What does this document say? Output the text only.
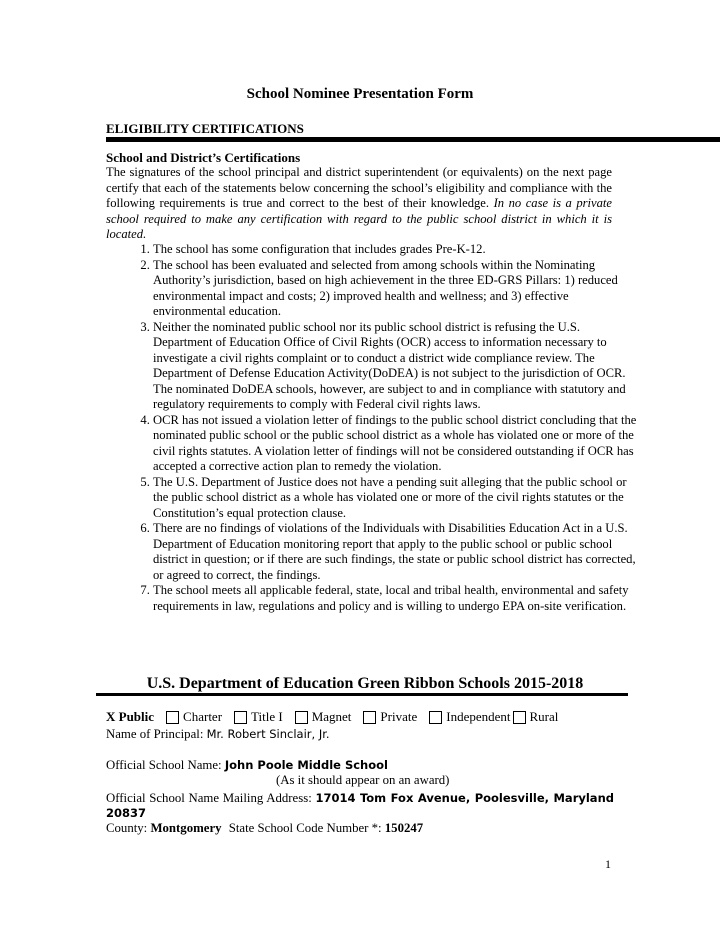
School Nominee Presentation Form
ELIGIBILITY CERTIFICATIONS
School and District’s Certifications
The signatures of the school principal and district superintendent (or equivalents) on the next page certify that each of the statements below concerning the school’s eligibility and compliance with the following requirements is true and correct to the best of their knowledge. In no case is a private school required to make any certification with regard to the public school district in which it is located.
1. The school has some configuration that includes grades Pre-K-12.
2. The school has been evaluated and selected from among schools within the Nominating Authority’s jurisdiction, based on high achievement in the three ED-GRS Pillars: 1) reduced environmental impact and costs; 2) improved health and wellness; and 3) effective environmental education.
3. Neither the nominated public school nor its public school district is refusing the U.S. Department of Education Office of Civil Rights (OCR) access to information necessary to investigate a civil rights complaint or to conduct a district wide compliance review. The Department of Defense Education Activity(DoDEA) is not subject to the jurisdiction of OCR. The nominated DoDEA schools, however, are subject to and in compliance with statutory and regulatory requirements to comply with Federal civil rights laws.
4. OCR has not issued a violation letter of findings to the public school district concluding that the nominated public school or the public school district as a whole has violated one or more of the civil rights statutes. A violation letter of findings will not be considered outstanding if OCR has accepted a corrective action plan to remedy the violation.
5. The U.S. Department of Justice does not have a pending suit alleging that the public school or the public school district as a whole has violated one or more of the civil rights statutes or the Constitution’s equal protection clause.
6. There are no findings of violations of the Individuals with Disabilities Education Act in a U.S. Department of Education monitoring report that apply to the public school or public school district in question; or if there are such findings, the state or public school district has corrected, or agreed to correct, the findings.
7. The school meets all applicable federal, state, local and tribal health, environmental and safety requirements in law, regulations and policy and is willing to undergo EPA on-site verification.
U.S. Department of Education Green Ribbon Schools 2015-2018
X Public Charter Title I Magnet Private Independent Rural
Name of Principal: Mr. Robert Sinclair, Jr.
Official School Name: John Poole Middle School
(As it should appear on an award)
Official School Name Mailing Address: 17014 Tom Fox Avenue, Poolesville, Maryland 20837
County: Montgomery State School Code Number *: 150247
1
